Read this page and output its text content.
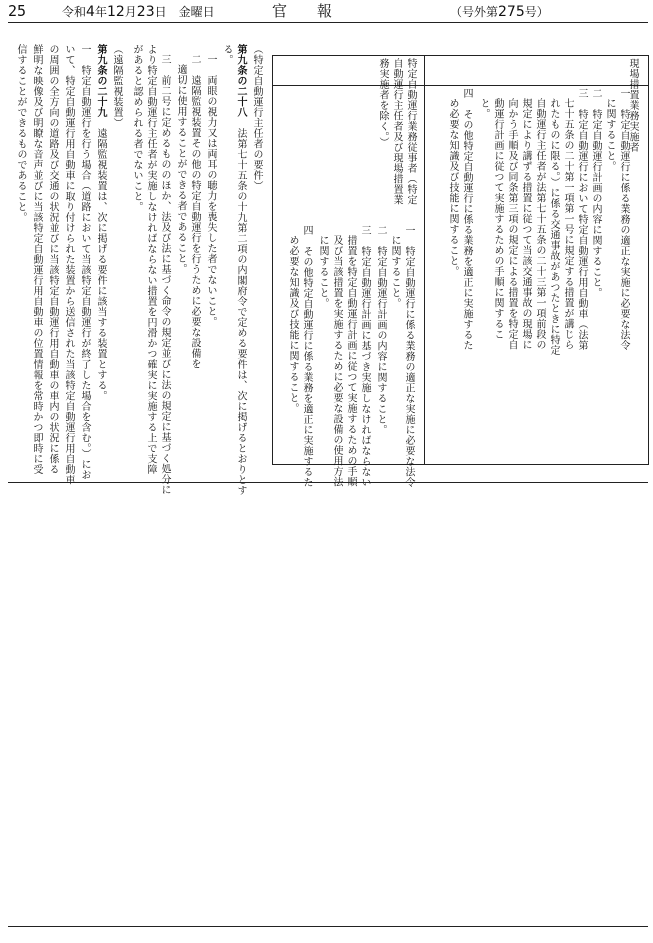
25	令和4年12月23日　 金曜日	官 報	（号外第275号）
現場措置業務実施者
一　特定自動運行に係る業務の適正な実施に必要な法令
に関すること。
二　特定自動運行計画の内容に関すること。
三　特定自動運行において特定自動運行用自動車（法第
七十五条の二十第一項第一号に規定する措置が講じら
れたものに限る。）に係る交通事故があつたときに特定
自動運行主任者が法第七十五条の二十三第一項前段の
規定により講ずる措置に従つて当該交通事故の現場に
向かう手順及び同条第三項の規定による措置を特定自
動運行計画に従つて実施するための手順に関するこ
と。
四　その他特定自動運行に係る業務を適正に実施するた
め必要な知識及び技能に関すること。
特定自動運行業務従事者（特定
自動運行主任者及び現場措置業
務実施者を除く。）
一　特定自動運行に係る業務の適正な実施に必要な法令
に関すること。
二　特定自動運行計画の内容に関すること。
三　特定自動運行計画に基づき実施しなければならない
措置を特定自動運行計画に従つて実施するための手順
及び当該措置を実施するために必要な設備の使用方法
に関すること。
四　その他特定自動運行に係る業務を適正に実施するた
め必要な知識及び技能に関すること。
（特定自動運行主任者の要件）
第九条の二十八　法第七十五条の十九第二項の内閣府令で定める要件は、次に掲げるとおりとす
る。
一　両眼の視力又は両耳の聴力を喪失した者でないこと。
二　遠隔監視装置その他の特定自動運行を行うために必要な設備を
適切に使用することができる者であること。
三　前二号に定めるもののほか、法及び法に基づく命令の規定並びに法の規定に基づく処分に
より特定自動運行主任者が実施しなければならない措置を円滑かつ確実に実施する上で支障
があると認められる者でないこと。
（遠隔監視装置）
第九条の二十九　遠隔監視装置は、次に掲げる要件に該当する装置とする。
一　特定自動運行を行う場合（道路において当該特定自動運行が終了した場合を含む。）にお
いて、特定自動運行用自動車に取り付けられた装置から送信された当該特定自動運行用自動車
の周囲の全方向の道路及び交通の状況並びに当該特定自動運行用自動車の車内の状況に係る
鮮明な映像及び明瞭な音声並びに当該特定自動運行用自動車の位置情報を常時かつ即時に受
信することができるものであること。
